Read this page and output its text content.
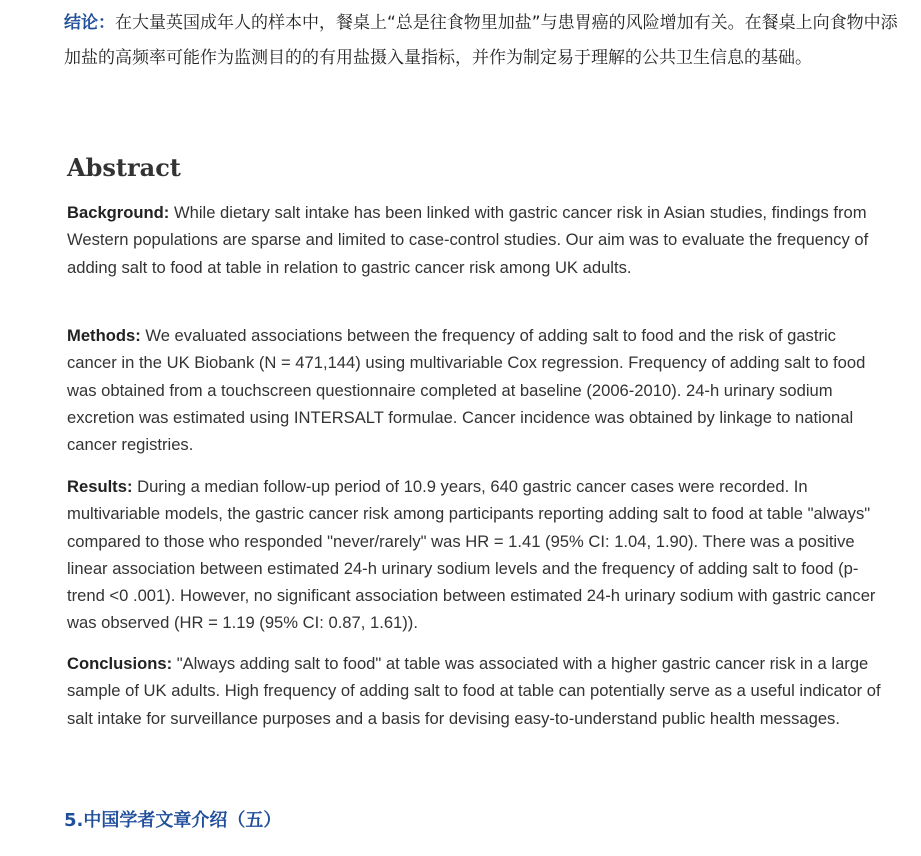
结论：在大量英国成年人的样本中，餐桌上“总是往食物里加盐”与患胃癌的风险增加有关。在餐桌上向食物中添加盐的高频率可能作为监测目的的有用盐摄入量指标，并作为制定易于理解的公共卫生信息的基础。

Abstract

Background: While dietary salt intake has been linked with gastric cancer risk in Asian studies, findings from Western populations are sparse and limited to case-control studies. Our aim was to evaluate the frequency of adding salt to food at table in relation to gastric cancer risk among UK adults.

Methods: We evaluated associations between the frequency of adding salt to food and the risk of gastric cancer in the UK Biobank (N = 471,144) using multivariable Cox regression. Frequency of adding salt to food was obtained from a touchscreen questionnaire completed at baseline (2006-2010). 24-h urinary sodium excretion was estimated using INTERSALT formulae. Cancer incidence was obtained by linkage to national cancer registries.

Results: During a median follow-up period of 10.9 years, 640 gastric cancer cases were recorded. In multivariable models, the gastric cancer risk among participants reporting adding salt to food at table "always" compared to those who responded "never/rarely" was HR = 1.41 (95% CI: 1.04, 1.90). There was a positive linear association between estimated 24-h urinary sodium levels and the frequency of adding salt to food (p-trend <0 .001). However, no significant association between estimated 24-h urinary sodium with gastric cancer was observed (HR = 1.19 (95% CI: 0.87, 1.61)).

Conclusions: "Always adding salt to food" at table was associated with a higher gastric cancer risk in a large sample of UK adults. High frequency of adding salt to food at table can potentially serve as a useful indicator of salt intake for surveillance purposes and a basis for devising easy-to-understand public health messages.

5.中国学者文章介绍（五）
